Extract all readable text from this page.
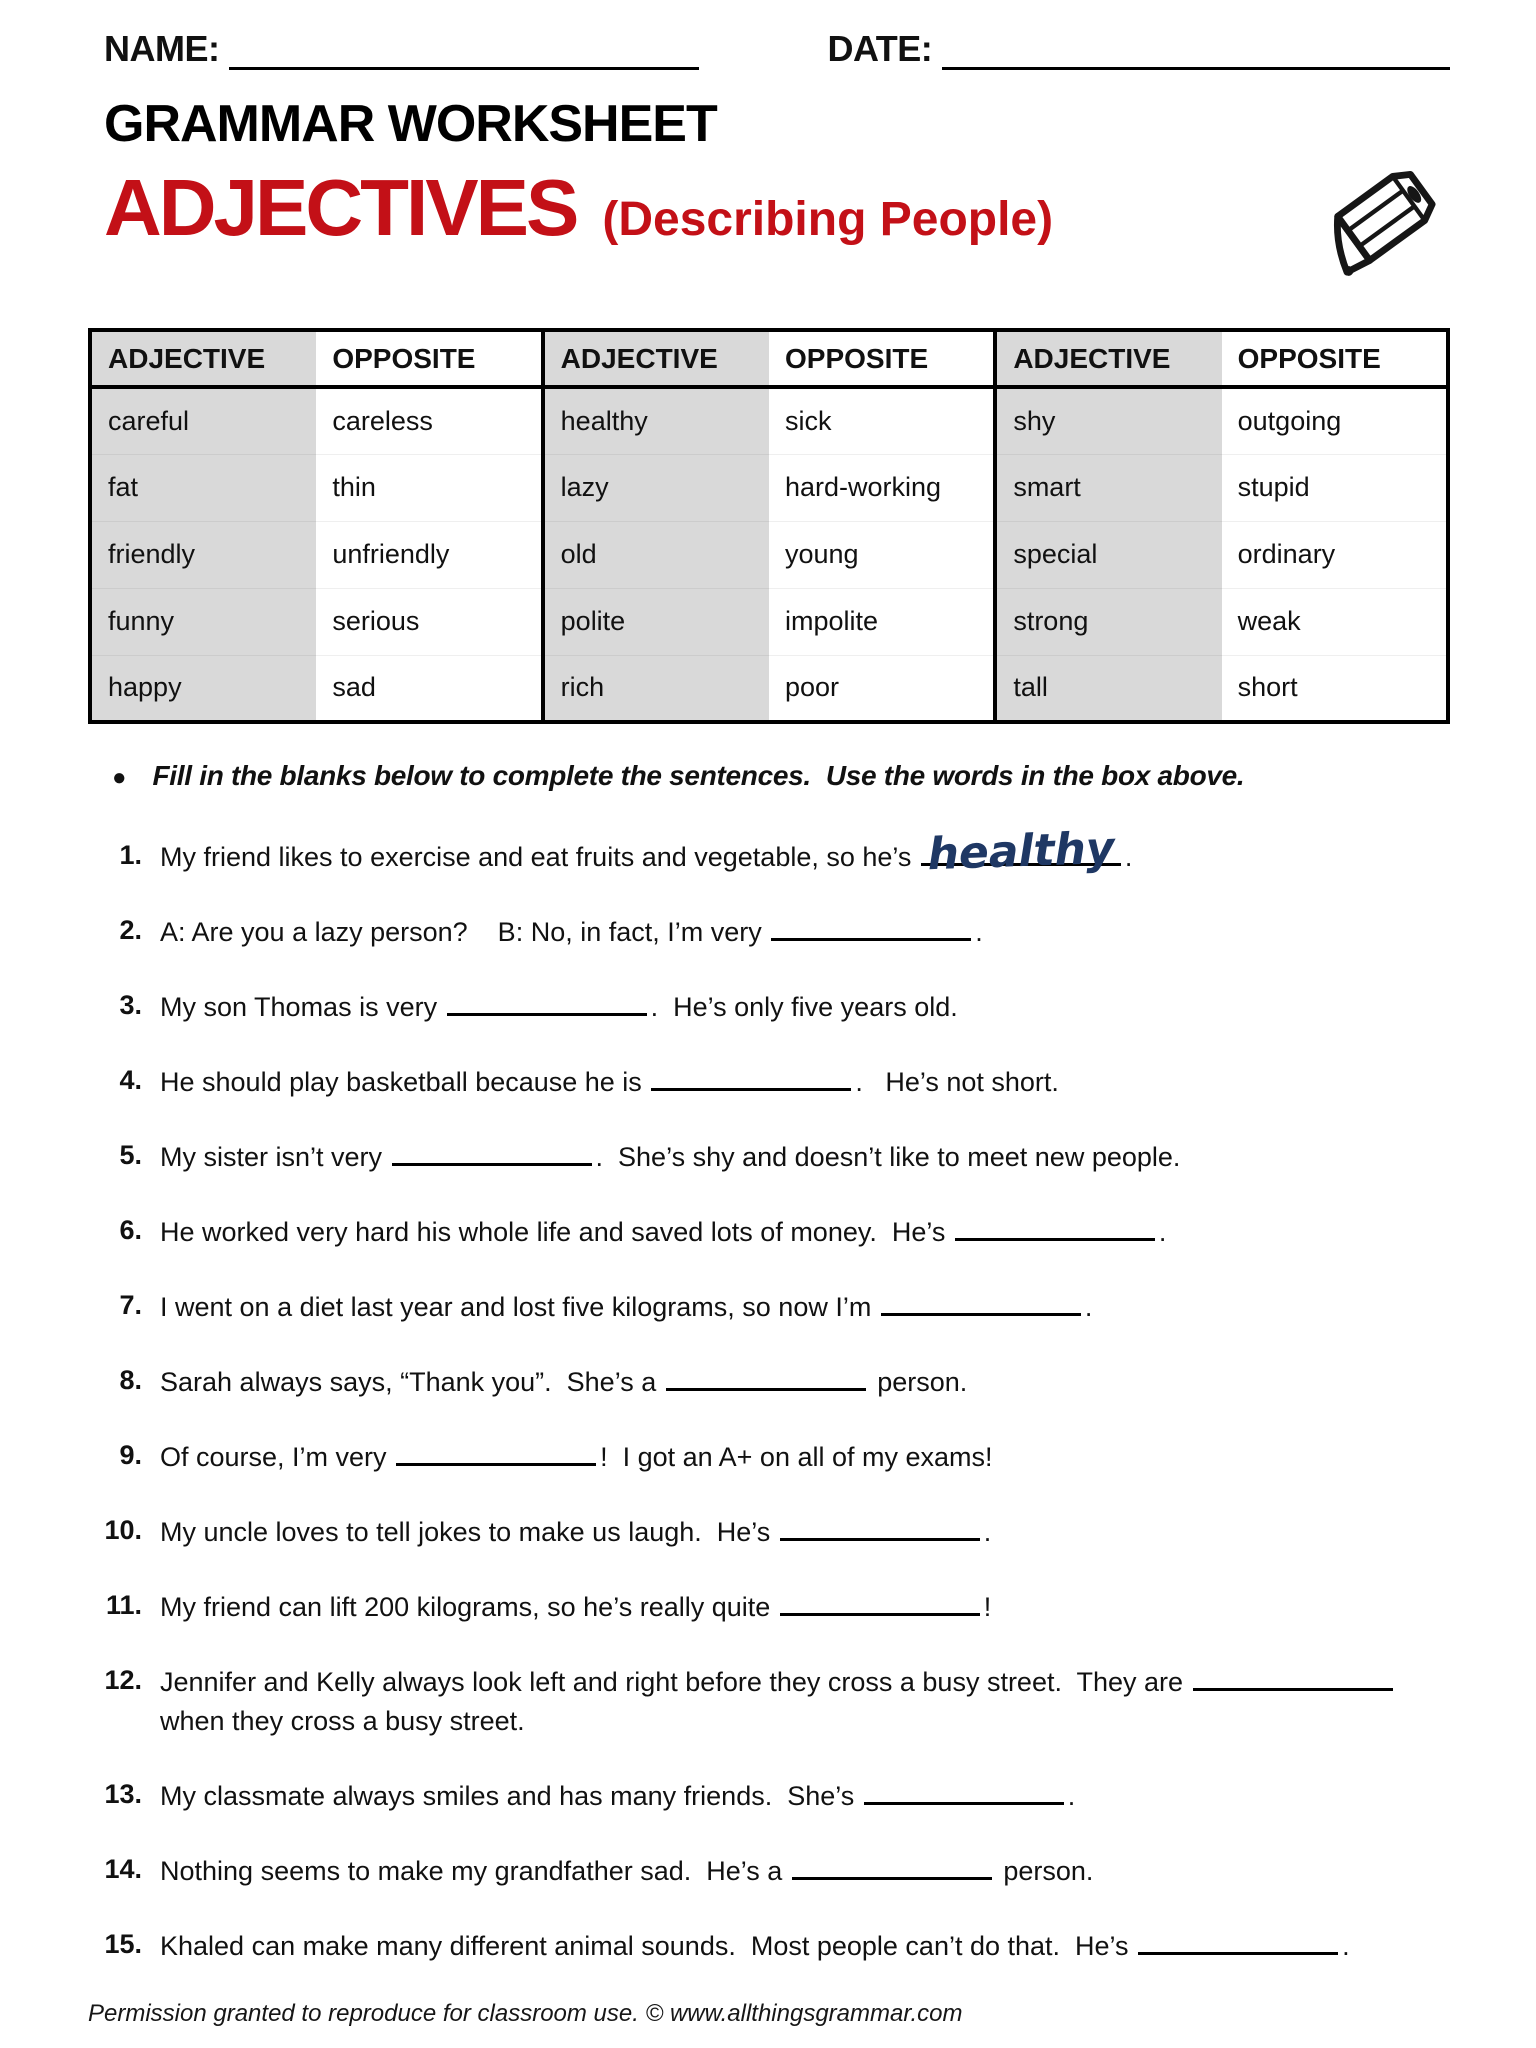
NAME:	DATE:
GRAMMAR WORKSHEET
ADJECTIVES (Describing People)
ADJECTIVE	OPPOSITE	ADJECTIVE	OPPOSITE	ADJECTIVE	OPPOSITE
careful	careless	healthy	sick	shy	outgoing
fat	thin	lazy	hard-working	smart	stupid
friendly	unfriendly	old	young	special	ordinary
funny	serious	polite	impolite	strong	weak
happy	sad	rich	poor	tall	short
● Fill in the blanks below to complete the sentences.  Use the words in the box above.
1. My friend likes to exercise and eat fruits and vegetable, so he’s healthy .
2. A: Are you a lazy person?    B: No, in fact, I’m very	.
3. My son Thomas is very	.  He’s only five years old.
4. He should play basketball because he is	.   He’s not short.
5. My sister isn’t very	.  She’s shy and doesn’t like to meet new people.
6. He worked very hard his whole life and saved lots of money.  He’s	.
7. I went on a diet last year and lost five kilograms, so now I’m	.
8. Sarah always says, “Thank you”.  She’s a	person.
9. Of course, I’m very	!  I got an A+ on all of my exams!
10. My uncle loves to tell jokes to make us laugh.  He’s	.
11. My friend can lift 200 kilograms, so he’s really quite	!
12. Jennifer and Kelly always look left and right before they cross a busy street.  They are	when they cross a busy street.
13. My classmate always smiles and has many friends.  She’s	.
14. Nothing seems to make my grandfather sad.  He’s a	person.
15. Khaled can make many different animal sounds.  Most people can’t do that.  He’s	.
Permission granted to reproduce for classroom use. © www.allthingsgrammar.com
